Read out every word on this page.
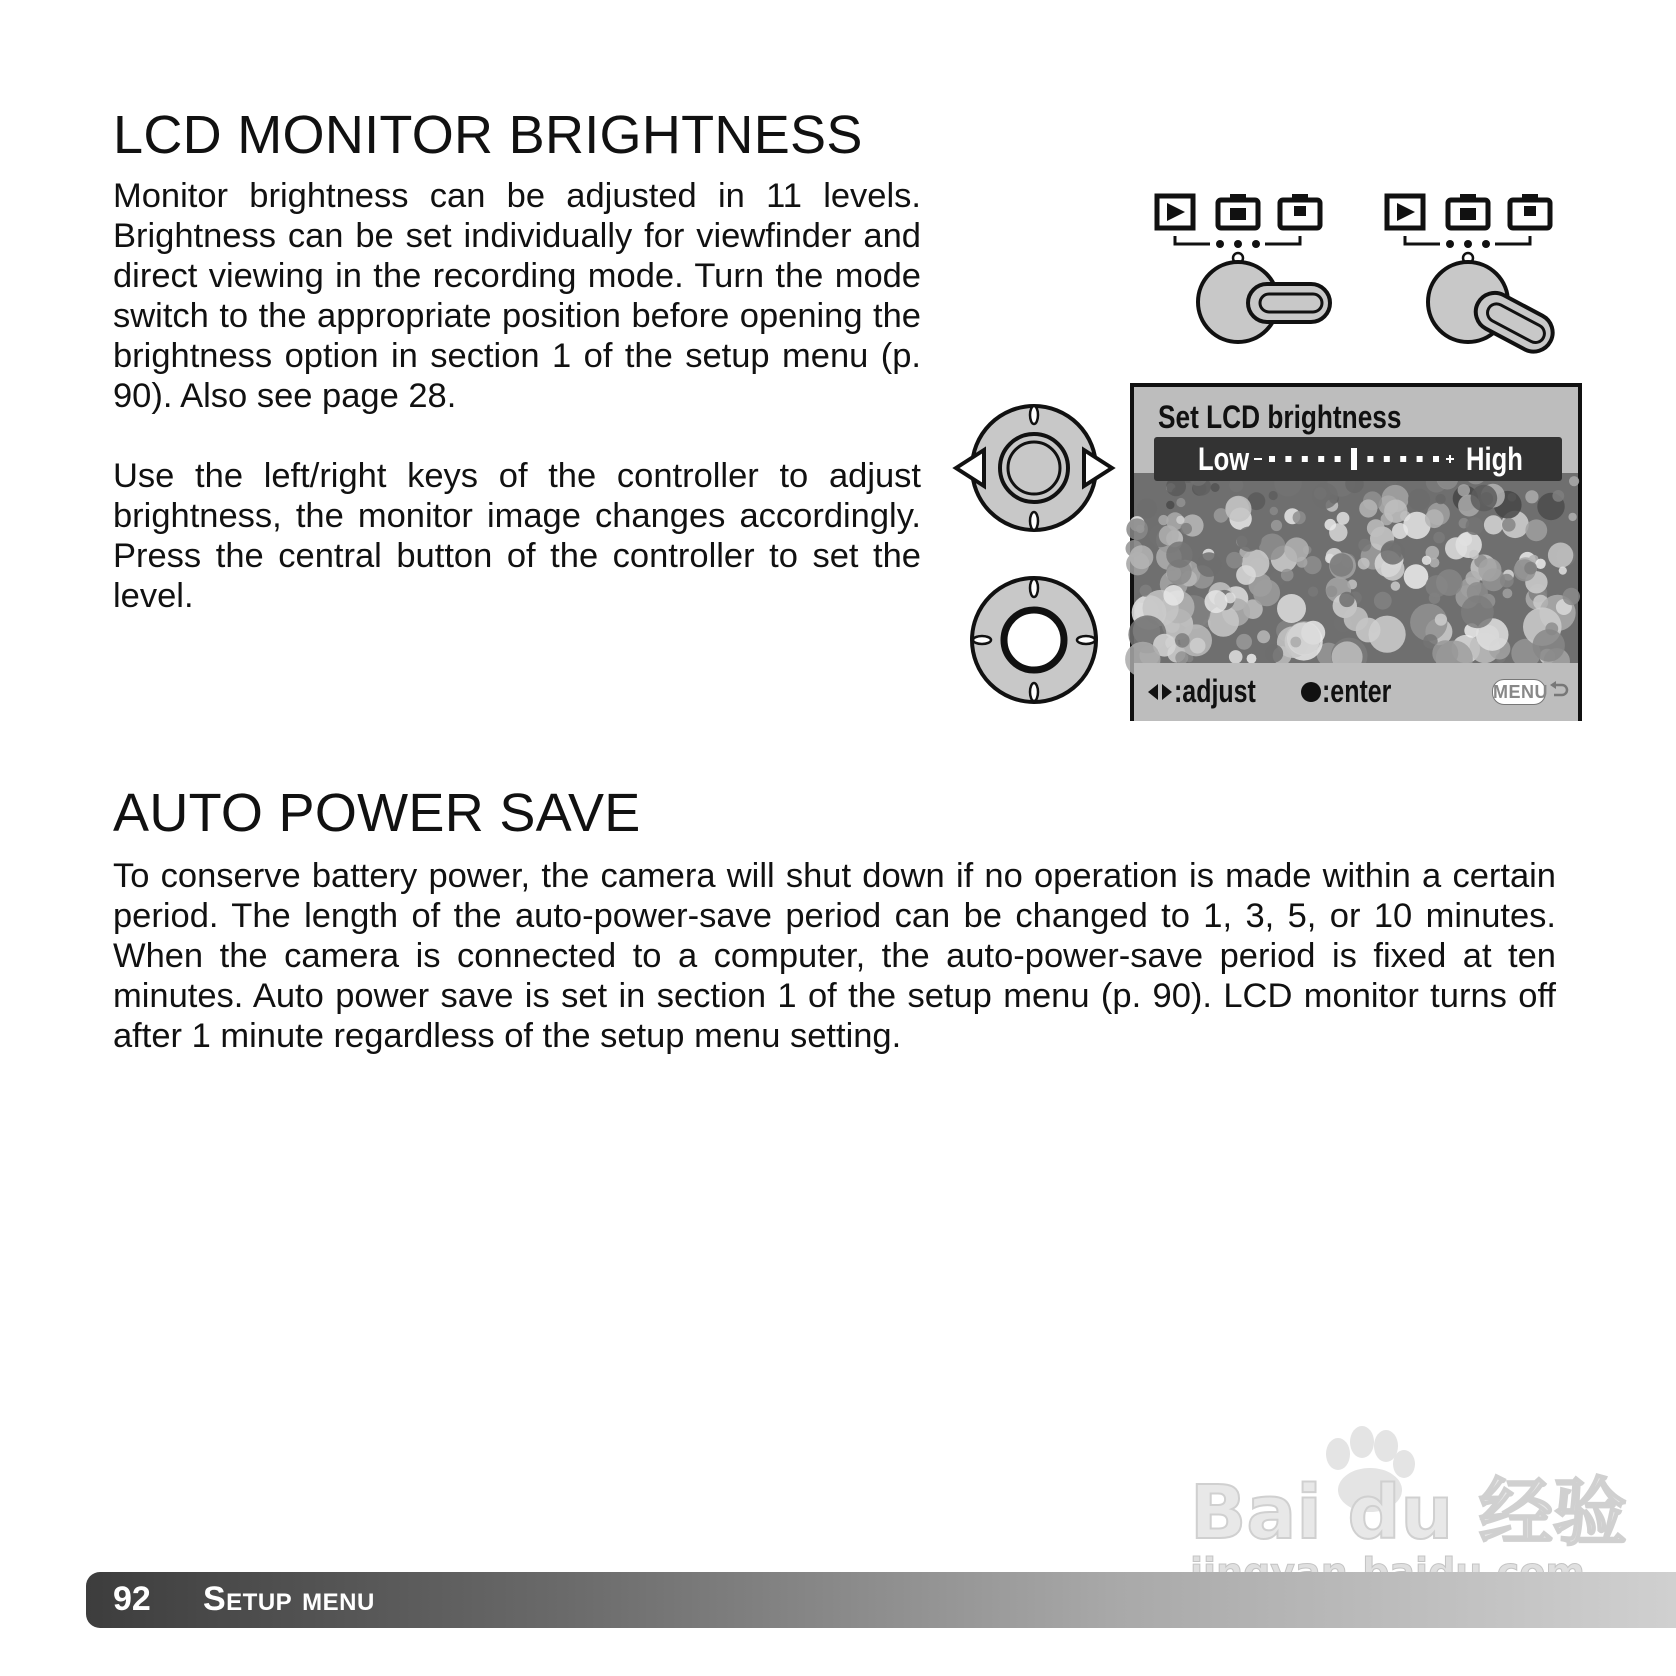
LCD MONITOR BRIGHTNESS

Monitor brightness can be adjusted in 11 levels. Brightness can be set individually for viewfinder and direct viewing in the recording mode. Turn the mode switch to the appropriate position before opening the brightness option in section 1 of the setup menu (p. 90). Also see page 28.

Use the left/right keys of the controller to adjust brightness, the monitor image changes accordingly. Press the central button of the controller to set the level.

Set LCD brightness
Low	High
:adjust :enter	MENU
AUTO POWER SAVE

To conserve battery power, the camera will shut down if no operation is made within a certain period. The length of the auto-power-save period can be changed to 1, 3, 5, or 10 minutes. When the camera is connected to a computer, the auto-power-save period is fixed at ten minutes. Auto power save is set in section 1 of the setup menu (p. 90). LCD monitor turns off after 1 minute regardless of the setup menu setting.

Bai du 经验
92 Setup menu
